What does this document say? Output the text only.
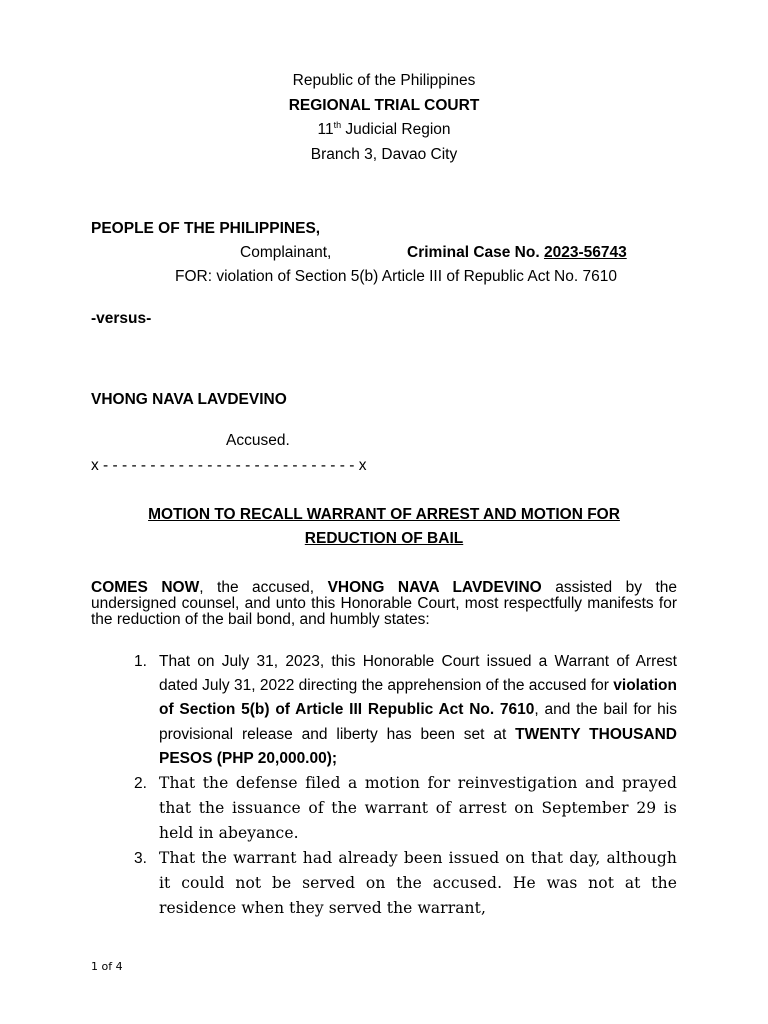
Republic of the Philippines
REGIONAL TRIAL COURT
11th Judicial Region
Branch 3, Davao City
PEOPLE OF THE PHILIPPINES,
Complainant,	Criminal Case No. 2023-56743
FOR: violation of Section 5(b) Article III of Republic Act No. 7610
-versus-
VHONG NAVA LAVDEVINO
Accused.
x - - - - - - - - - - - - - - - - - - - - - - - - - - - x
MOTION TO RECALL WARRANT OF ARREST AND MOTION FOR
REDUCTION OF BAIL
COMES NOW, the accused, VHONG NAVA LAVDEVINO assisted by the undersigned counsel, and unto this Honorable Court, most respectfully manifests for the reduction of the bail bond, and humbly states:
1. That on July 31, 2023, this Honorable Court issued a Warrant of Arrest dated July 31, 2022 directing the apprehension of the accused for violation of Section 5(b) of Article III Republic Act No. 7610, and the bail for his provisional release and liberty has been set at TWENTY THOUSAND PESOS (PHP 20,000.00);
2. That the defense filed a motion for reinvestigation and prayed that the issuance of the warrant of arrest on September 29 is held in abeyance.
3. That the warrant had already been issued on that day, although it could not be served on the accused. He was not at the residence when they served the warrant,
1 of 4
